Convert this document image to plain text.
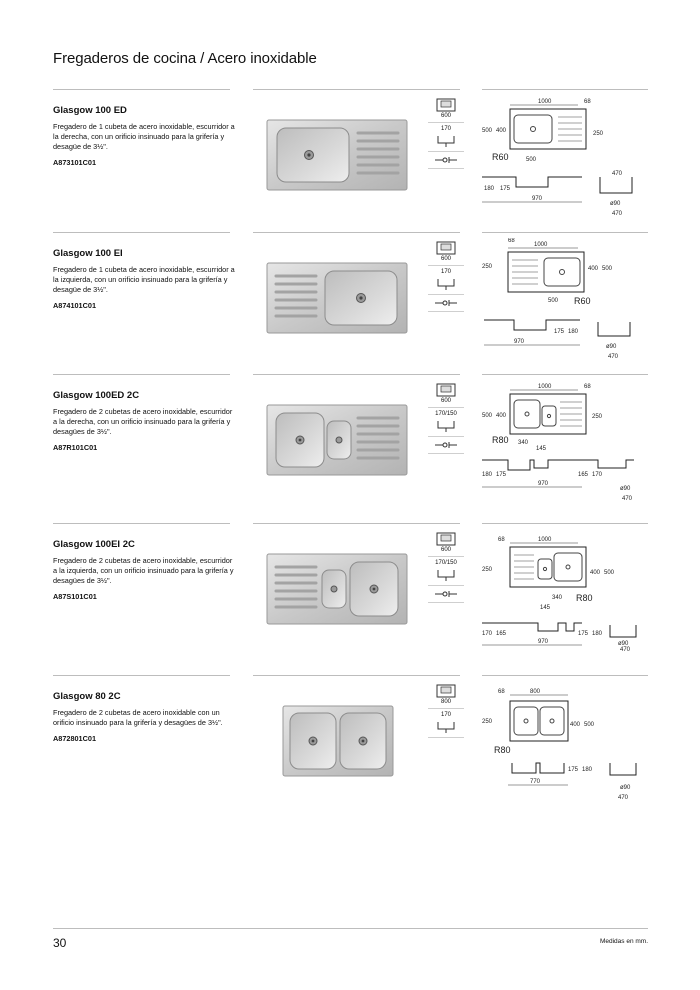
Fregaderos de cocina / Acero inoxidable

Glasgow 100 ED

Fregadero de 1 cubeta de acero inoxidable, escurridor a la derecha, con un orificio insinuado para la grifería y desagüe de 3½".

A873101C01

600
170
1000	68
250
500 400
R60	500
180 175
970
470
ø90
470

Glasgow 100 EI

Fregadero de 1 cubeta de acero inoxidable, escurridor a la izquierda, con un orificio insinuado para la grifería y desagüe de 3½".

A874101C01

600
170
1000
68
250	400 500
500 R60
175 180
970
ø90
470

Glasgow 100ED 2C

Fregadero de 2 cubetas de acero inoxidable, escurridor a la derecha, con un orificio insinuado para la grifería y desagües de 3½".

A87R101C01

600
170/150
1000	68
250
500 400
R80 340
145
180 175	165 170
970
ø90
470

Glasgow 100EI 2C

Fregadero de 2 cubetas de acero inoxidable, escurridor a la izquierda, con un orificio insinuado para la grifería y desagües de 3½".

A87S101C01

600
170/150
1000
68
250	400 500
340
145
R80
170 165	175 180
970	ø90
470

Glasgow 80 2C

Fregadero de 2 cubetas de acero inoxidable con un orificio insinuado para la grifería y desagües de 3½".

A872801C01

800
170
800
68
250	400 500
R80
175 180
770
ø90
470
30	Medidas en mm.
